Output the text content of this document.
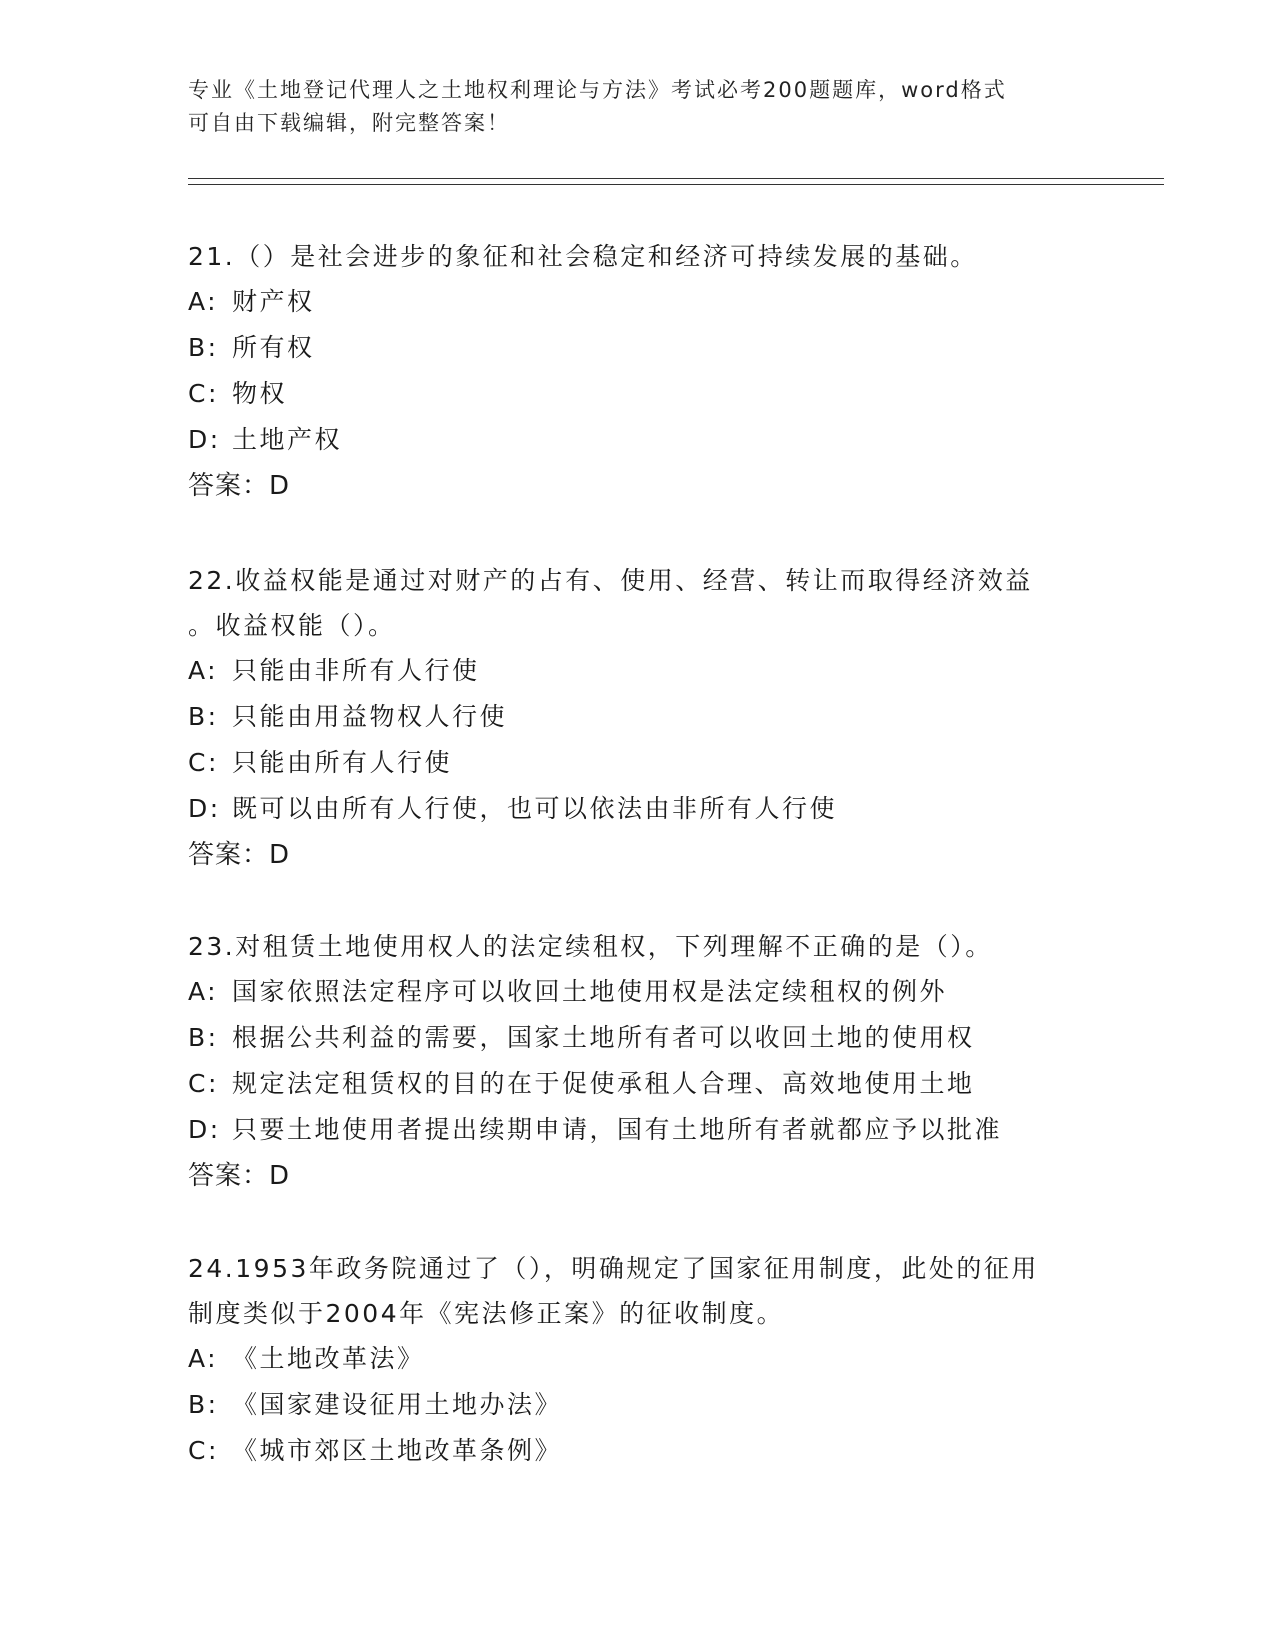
专业《土地登记代理人之土地权利理论与方法》考试必考200题题库，word格式
可自由下载编辑，附完整答案！
21.（）是社会进步的象征和社会稳定和经济可持续发展的基础。
A: 财产权
B: 所有权
C: 物权
D: 土地产权
答案：D
22.收益权能是通过对财产的占有、使用、经营、转让而取得经济效益
。收益权能（）。
A: 只能由非所有人行使
B: 只能由用益物权人行使
C: 只能由所有人行使
D: 既可以由所有人行使，也可以依法由非所有人行使
答案：D
23.对租赁土地使用权人的法定续租权，下列理解不正确的是（）。
A: 国家依照法定程序可以收回土地使用权是法定续租权的例外
B: 根据公共利益的需要，国家土地所有者可以收回土地的使用权
C: 规定法定租赁权的目的在于促使承租人合理、高效地使用土地
D: 只要土地使用者提出续期申请，国有土地所有者就都应予以批准
答案：D
24.1953年政务院通过了（），明确规定了国家征用制度，此处的征用
制度类似于2004年《宪法修正案》的征收制度。
A: 《土地改革法》
B: 《国家建设征用土地办法》
C: 《城市郊区土地改革条例》
